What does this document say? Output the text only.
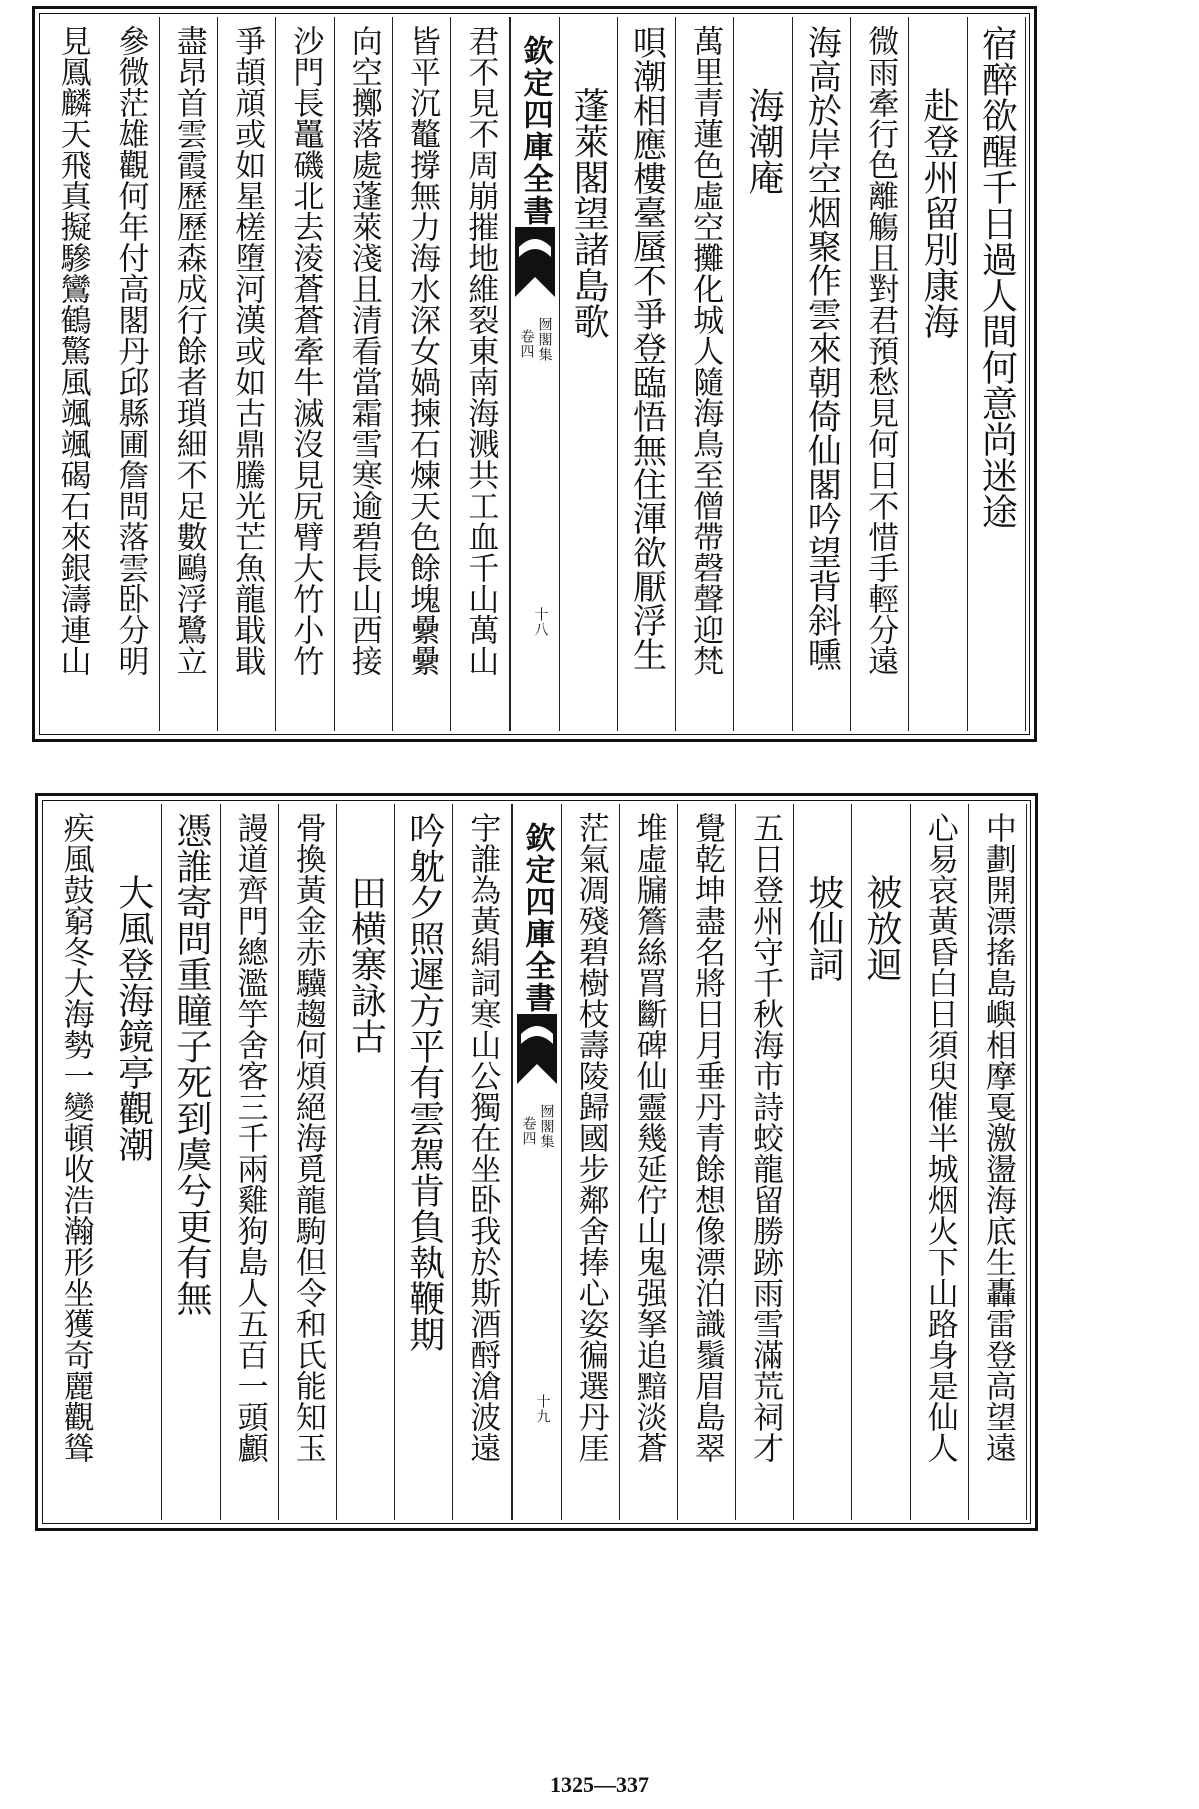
宿醉欲醒千日過人間何意尚迷途
赴登州留別康海
微雨牽行色離觴且對君預愁見何日不惜手輕分遠
海高於岸空烟聚作雲來朝倚仙閣吟望背斜曛
海潮庵
萬里青蓮色虛空攤化城人隨海鳥至僧帶磬聲迎梵
唄潮相應樓臺蜃不爭登臨悟無住渾欲厭浮生
蓬萊閣望諸島歌
欽定四庫全書
囫閣集
卷四
十八
君不見不周崩摧地維裂東南海溅共工血千山萬山
皆平沉鼇撐無力海水深女媧揀石煉天色餘塊纍纍
向空擲落處蓬萊淺且清看當霜雪寒逾碧長山西接
沙門長鼉磯北去淩蒼蒼牽牛滅沒見尻臂大竹小竹
爭頡頏或如星槎墮河漢或如古鼎騰光芒魚龍戢戢
盡昂首雲霞歷歷森成行餘者瑣細不足數鷗浮鷺立
參微茫雄觀何年付高閣丹邱縣圃詹問落雲卧分明
見鳳麟天飛真擬驂鸞鶴驚風颯颯碣石來銀濤連山
中劃開漂搖島嶼相摩戛激盪海底生轟雷登高望遠
心易哀黃昏白日須臾催半城烟火下山路身是仙人
被放迴
坡仙詞
五日登州守千秋海市詩蛟龍留勝跡雨雪滿荒祠才
覺乾坤盡名將日月垂丹青餘想像漂泊識鬚眉島翠
堆虛牖簷絲罥斷碑仙靈幾延佇山鬼强拏追黯淡蒼
茫氣凋殘碧樹枝壽陵歸國步鄰舍捧心姿徧選丹厓
欽定四庫全書
囫閣集
卷四
十九
宇誰為黃絹詞寒山公獨在坐卧我於斯酒酹滄波遠
吟躭夕照遲方平有雲駕肯負執鞭期
田横寨詠古
骨換黃金赤驥趨何煩絕海覓龍駒但令和氏能知玉
謾道齊門總濫竽舍客三千兩雞狗島人五百一頭顱
憑誰寄問重瞳子死到虞兮更有無
大風登海鏡亭觀潮
疾風鼓窮冬大海勢一變頓收浩瀚形坐獲奇麗觀聳
1325—337
